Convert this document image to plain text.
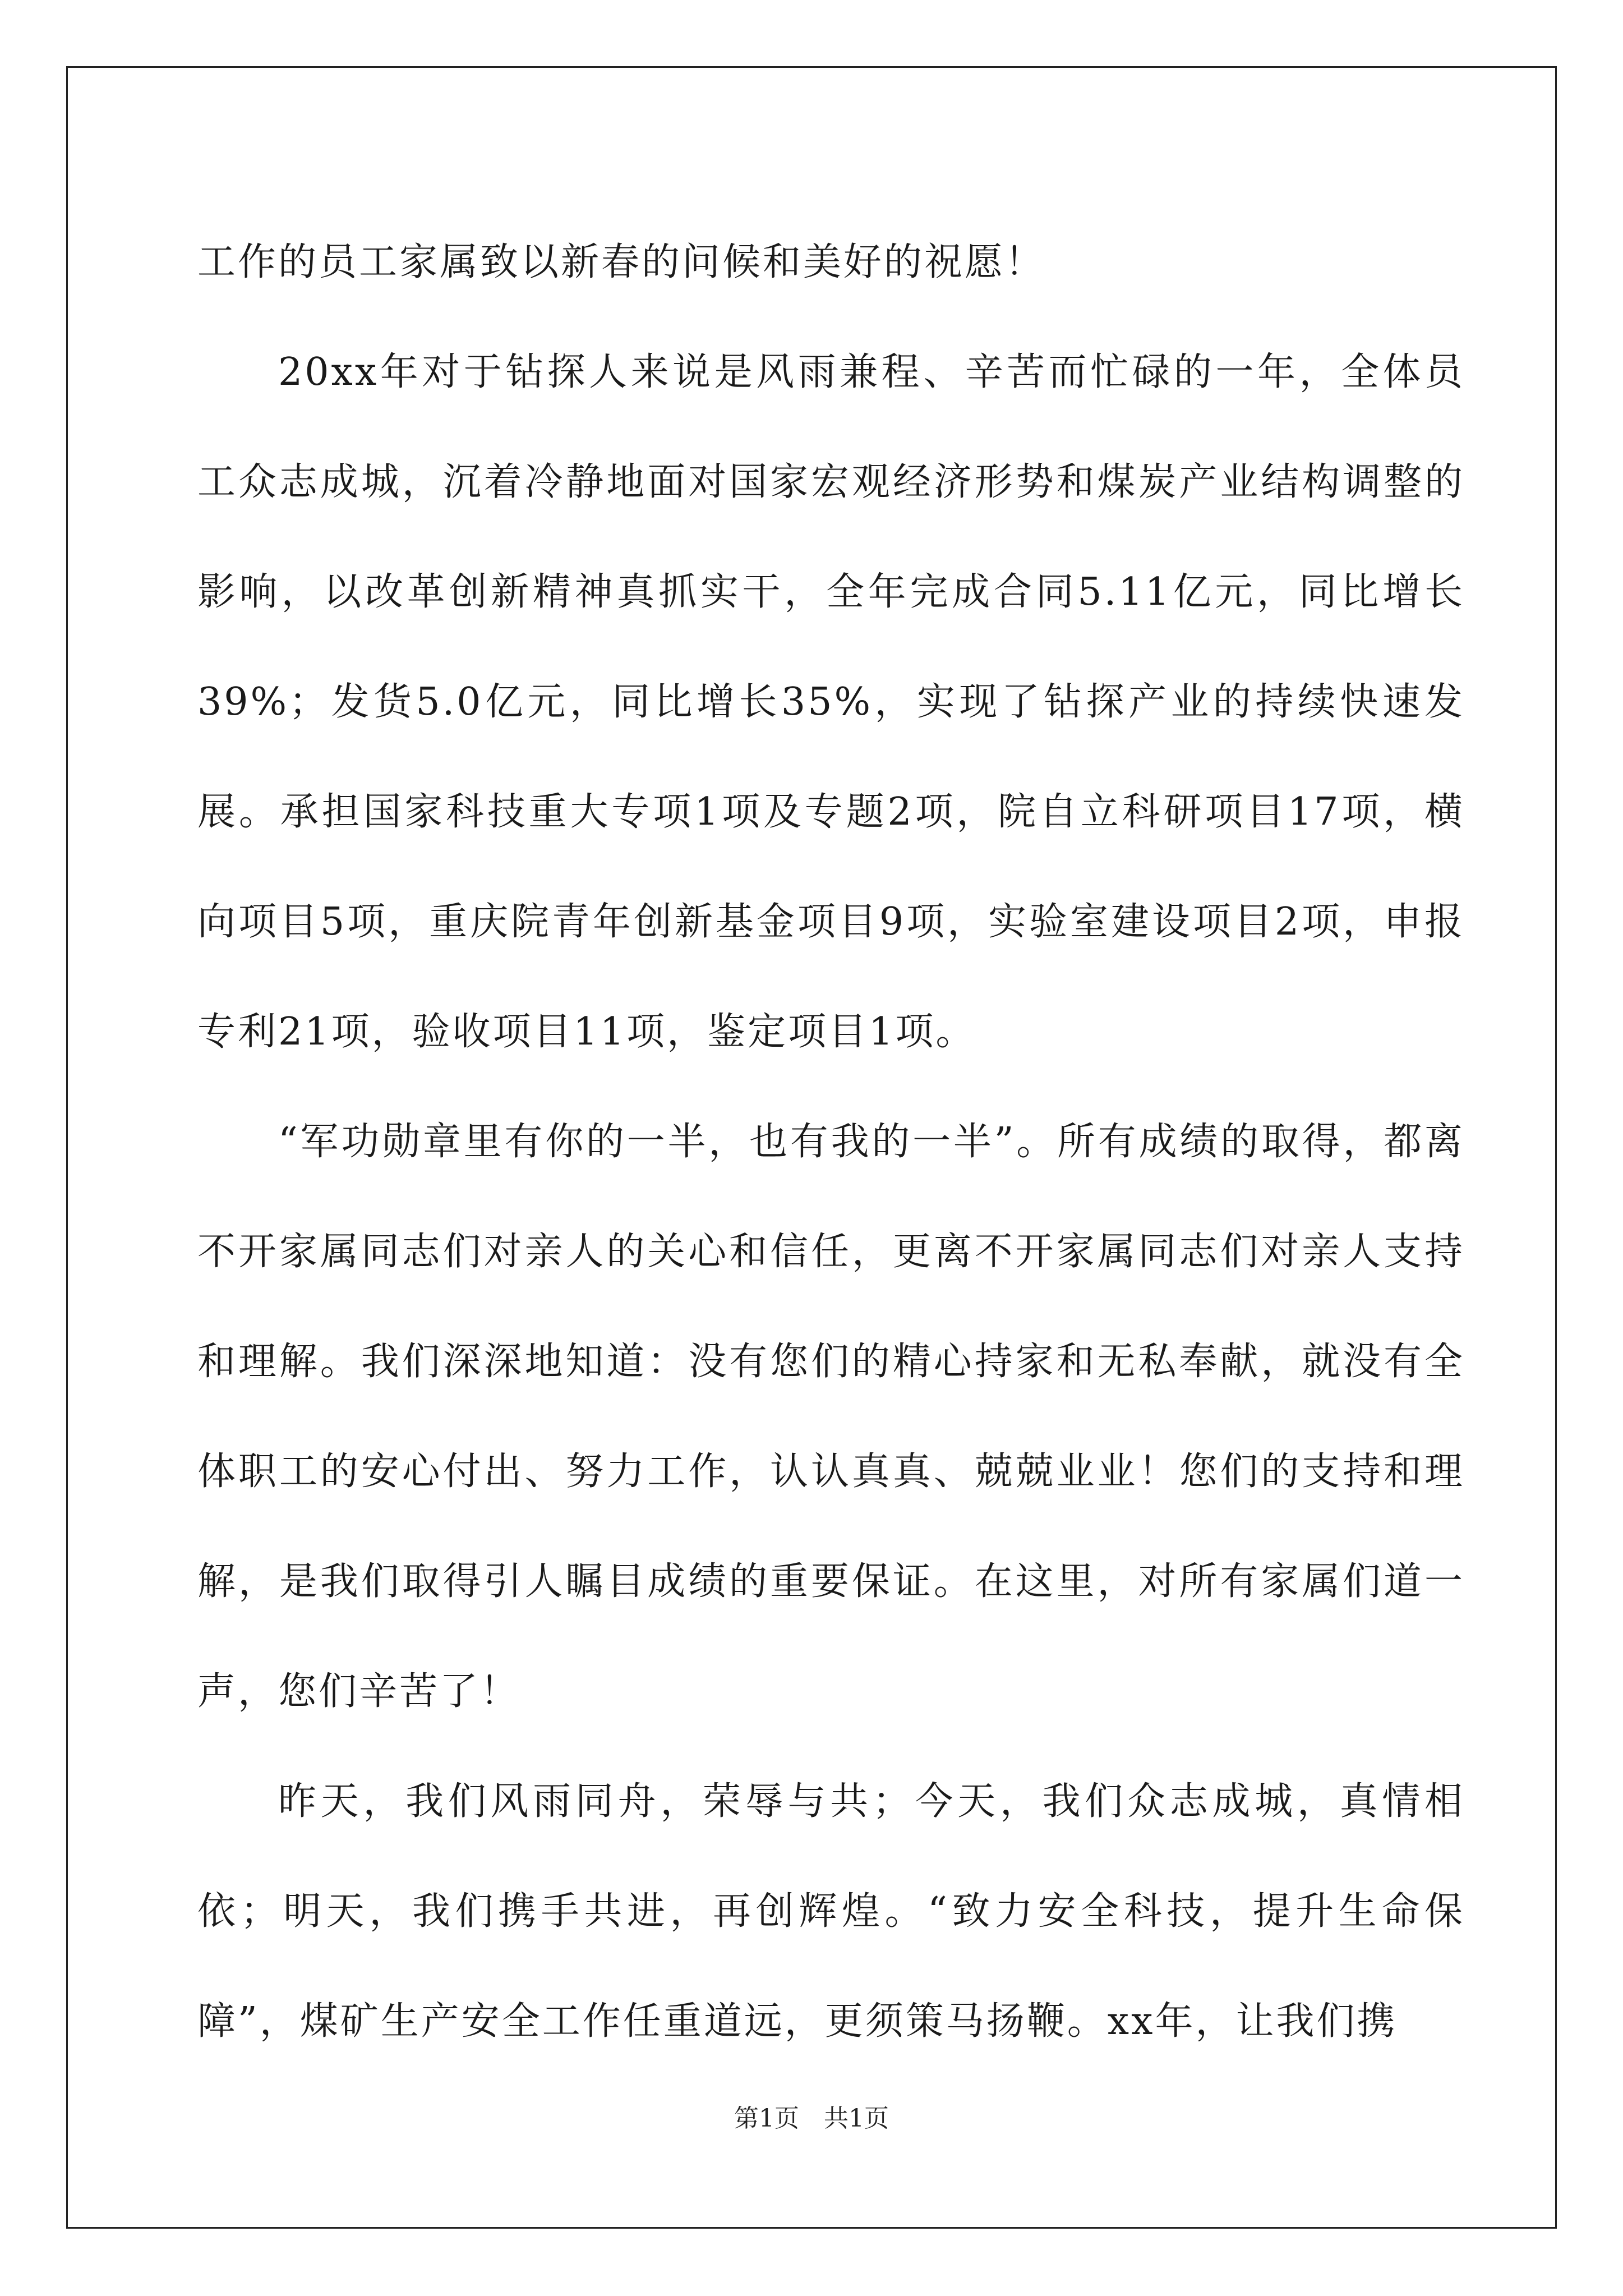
工作的员工家属致以新春的问候和美好的祝愿！

20xx年对于钻探人来说是风雨兼程、辛苦而忙碌的一年，全体员工众志成城，沉着冷静地面对国家宏观经济形势和煤炭产业结构调整的影响，以改革创新精神真抓实干，全年完成合同5.11亿元，同比增长39%；发货5.0亿元，同比增长35%，实现了钻探产业的持续快速发展。承担国家科技重大专项1项及专题2项，院自立科研项目17项，横向项目5项，重庆院青年创新基金项目9项，实验室建设项目2项，申报专利21项，验收项目11项，鉴定项目1项。

“军功勋章里有你的一半，也有我的一半”。所有成绩的取得，都离不开家属同志们对亲人的关心和信任，更离不开家属同志们对亲人支持和理解。我们深深地知道：没有您们的精心持家和无私奉献，就没有全体职工的安心付出、努力工作，认认真真、兢兢业业！您们的支持和理解，是我们取得引人瞩目成绩的重要保证。在这里，对所有家属们道一声，您们辛苦了！

昨天，我们风雨同舟，荣辱与共；今天，我们众志成城，真情相依；明天，我们携手共进，再创辉煌。“致力安全科技，提升生命保障”，煤矿生产安全工作任重道远，更须策马扬鞭。xx年，让我们携

第1页 共1页
